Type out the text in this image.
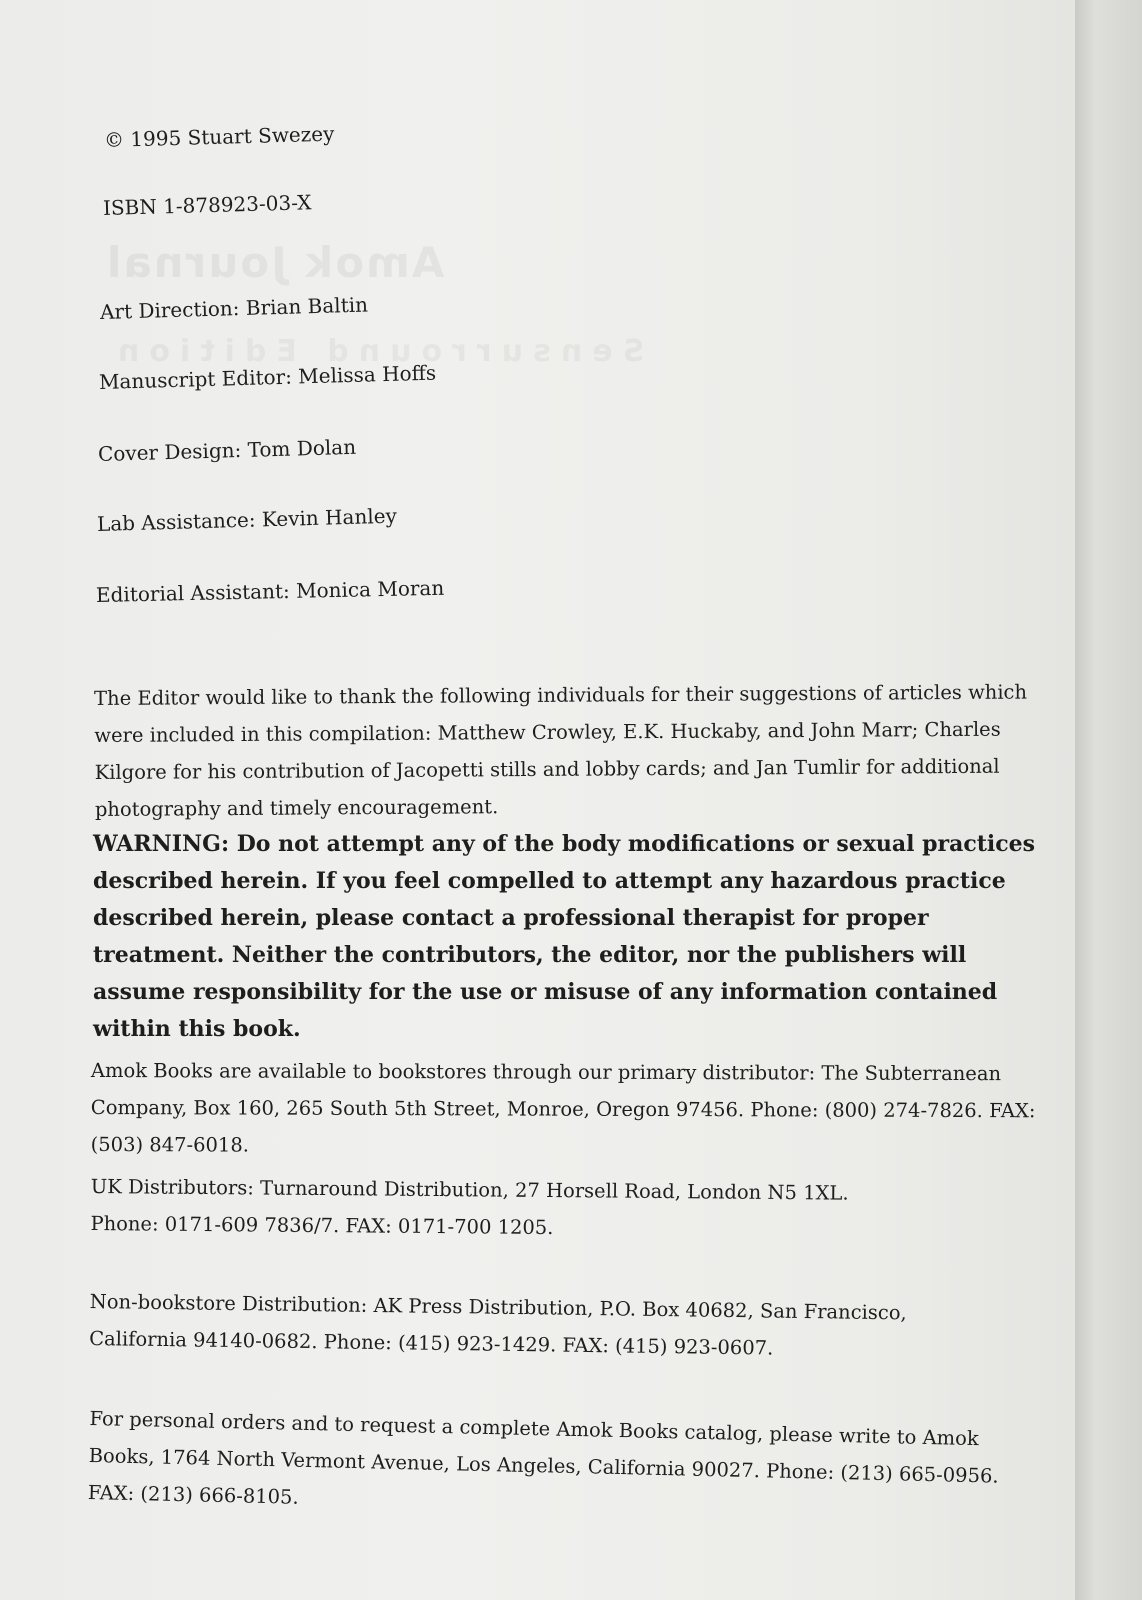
Amok Journal
© 1995 Stuart Swezey
ISBN 1-878923-03-X
Art Direction: Brian Baltin
Manuscript Editor: Melissa Hoffs
Cover Design: Tom Dolan
Lab Assistance: Kevin Hanley
Editorial Assistant: Monica Moran
The Editor would like to thank the following individuals for their suggestions of articles which were included in this compilation: Matthew Crowley, E.K. Huckaby, and John Marr; Charles Kilgore for his contribution of Jacopetti stills and lobby cards; and Jan Tumlir for additional photography and timely encouragement.
WARNING: Do not attempt any of the body modifications or sexual practices described herein. If you feel compelled to attempt any hazardous practice described herein, please contact a professional therapist for proper treatment. Neither the contributors, the editor, nor the publishers will assume responsibility for the use or misuse of any information contained within this book.
Amok Books are available to bookstores through our primary distributor: The Subterranean Company, Box 160, 265 South 5th Street, Monroe, Oregon 97456. Phone: (800) 274-7826. FAX: (503) 847-6018.
UK Distributors: Turnaround Distribution, 27 Horsell Road, London N5 1XL. Phone: 0171-609 7836/7. FAX: 0171-700 1205.
Non-bookstore Distribution: AK Press Distribution, P.O. Box 40682, San Francisco, California 94140-0682. Phone: (415) 923-1429. FAX: (415) 923-0607.
For personal orders and to request a complete Amok Books catalog, please write to Amok Books, 1764 North Vermont Avenue, Los Angeles, California 90027. Phone: (213) 665-0956. FAX: (213) 666-8105.
